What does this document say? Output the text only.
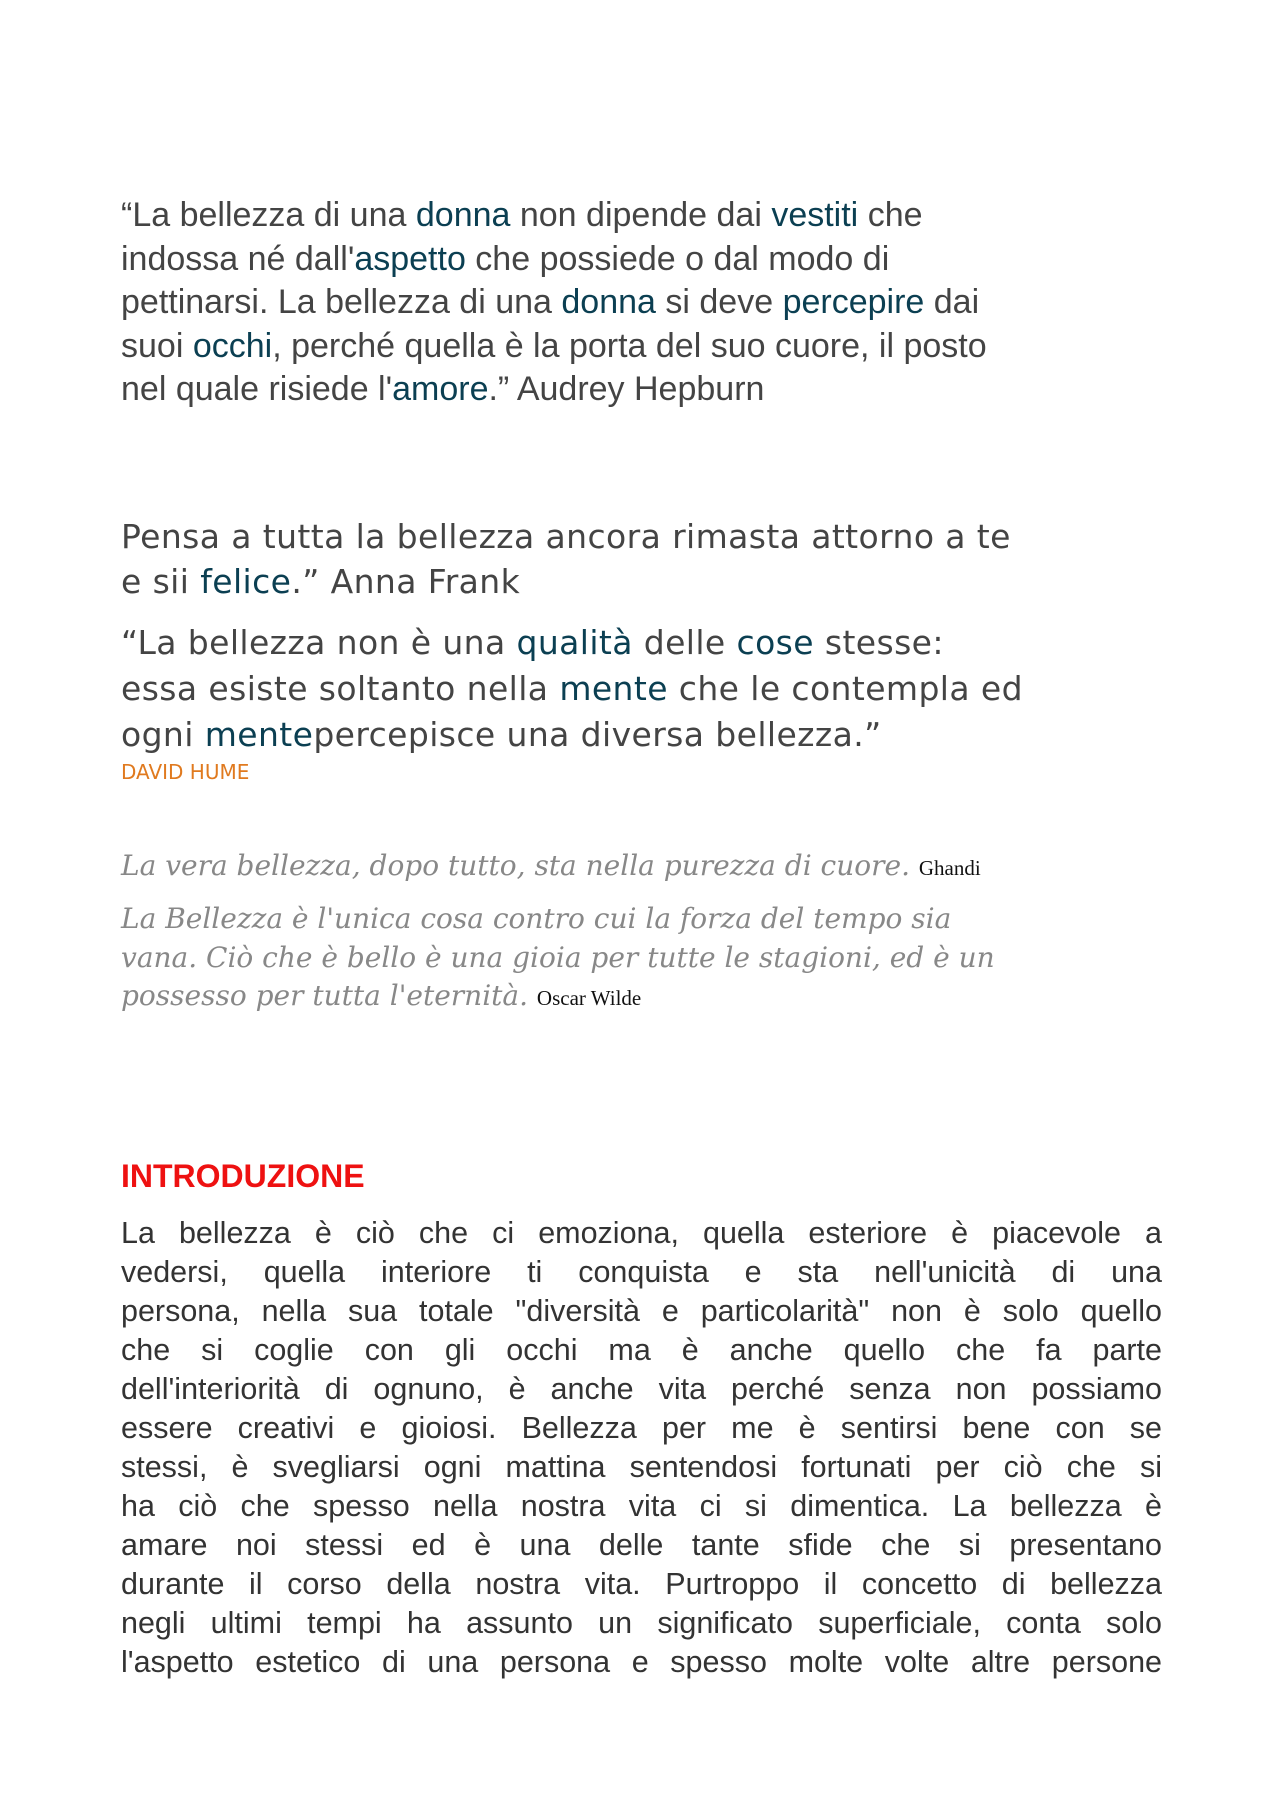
“La bellezza di una donna non dipende dai vestiti che
indossa né dall'aspetto che possiede o dal modo di
pettinarsi. La bellezza di una donna si deve percepire dai
suoi occhi, perché quella è la porta del suo cuore, il posto
nel quale risiede l'amore.” Audrey Hepburn
Pensa a tutta la bellezza ancora rimasta attorno a te
e sii felice.” Anna Frank
“La bellezza non è una qualità delle cose stesse:
essa esiste soltanto nella mente che le contempla ed
ogni mentepercepisce una diversa bellezza.”
DAVID HUME
La vera bellezza, dopo tutto, sta nella purezza di cuore. Ghandi
La Bellezza è l'unica cosa contro cui la forza del tempo sia
vana. Ciò che è bello è una gioia per tutte le stagioni, ed è un
possesso per tutta l'eternità. Oscar Wilde
INTRODUZIONE
La bellezza è ciò che ci emoziona, quella esteriore è piacevole a
vedersi, quella interiore ti conquista e sta nell'unicità di una
persona, nella sua totale "diversità e particolarità" non è solo quello
che si coglie con gli occhi ma è anche quello che fa parte
dell'interiorità di ognuno, è anche vita perché senza non possiamo
essere creativi e gioiosi. Bellezza per me è sentirsi bene con se
stessi, è svegliarsi ogni mattina sentendosi fortunati per ciò che si
ha ciò che spesso nella nostra vita ci si dimentica. La bellezza è
amare noi stessi ed è una delle tante sfide che si presentano
durante il corso della nostra vita. Purtroppo il concetto di bellezza
negli ultimi tempi ha assunto un significato superficiale, conta solo
l'aspetto estetico di una persona e spesso molte volte altre persone
